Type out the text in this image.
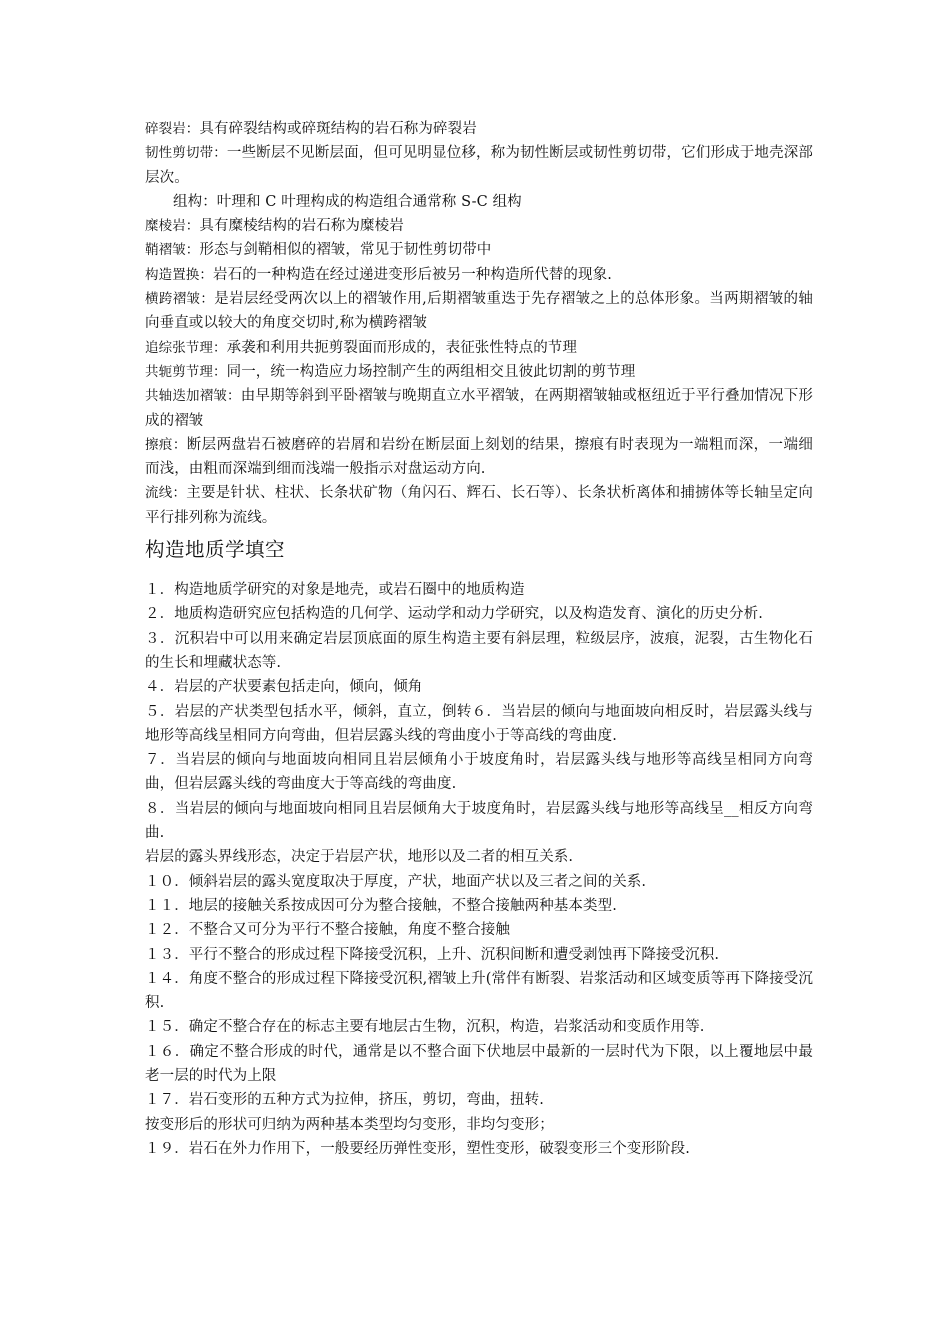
碎裂岩：具有碎裂结构或碎斑结构的岩石称为碎裂岩

韧性剪切带：一些断层不见断层面，但可见明显位移，称为韧性断层或韧性剪切带，它们形成于地壳深部层次。

组构：叶理和 C 叶理构成的构造组合通常称 S-C 组构

糜棱岩：具有糜棱结构的岩石称为糜棱岩

鞘褶皱：形态与剑鞘相似的褶皱，常见于韧性剪切带中

构造置换：岩石的一种构造在经过递进变形后被另一种构造所代替的现象.

横跨褶皱：是岩层经受两次以上的褶皱作用,后期褶皱重迭于先存褶皱之上的总体形象。当两期褶皱的轴向垂直或以较大的角度交切时,称为横跨褶皱

追综张节理：承袭和利用共扼剪裂面而形成的，表征张性特点的节理

共轭剪节理：同一，统一构造应力场控制产生的两组相交且彼此切割的剪节理

共轴迭加褶皱：由早期等斜到平卧褶皱与晚期直立水平褶皱，在两期褶皱轴或枢纽近于平行叠加情况下形成的褶皱

擦痕：断层两盘岩石被磨碎的岩屑和岩纷在断层面上刻划的结果，擦痕有时表现为一端粗而深，一端细而浅，由粗而深端到细而浅端一般指示对盘运动方向.

流线：主要是针状、柱状、长条状矿物（角闪石、辉石、长石等）、长条状析离体和捕掳体等长轴呈定向平行排列称为流线。

构造地质学填空

１．构造地质学研究的对象是地壳，或岩石圈中的地质构造

２．地质构造研究应包括构造的几何学、运动学和动力学研究，以及构造发育、演化的历史分析.

３．沉积岩中可以用来确定岩层顶底面的原生构造主要有斜层理，粒级层序，波痕，泥裂，古生物化石的生长和埋藏状态等.

４．岩层的产状要素包括走向，倾向，倾角

５．岩层的产状类型包括水平，倾斜，直立，倒转６．当岩层的倾向与地面坡向相反时，岩层露头线与地形等高线呈相同方向弯曲，但岩层露头线的弯曲度小于等高线的弯曲度.

７．当岩层的倾向与地面坡向相同且岩层倾角小于坡度角时，岩层露头线与地形等高线呈相同方向弯曲，但岩层露头线的弯曲度大于等高线的弯曲度.

８．当岩层的倾向与地面坡向相同且岩层倾角大于坡度角时，岩层露头线与地形等高线呈__相反方向弯曲.

岩层的露头界线形态，决定于岩层产状，地形以及二者的相互关系.

１０．倾斜岩层的露头宽度取决于厚度，产状，地面产状以及三者之间的关系.

１１．地层的接触关系按成因可分为整合接触，不整合接触两种基本类型.

１２．不整合又可分为平行不整合接触，角度不整合接触

１３．平行不整合的形成过程下降接受沉积，上升、沉积间断和遭受剥蚀再下降接受沉积.

１４．角度不整合的形成过程下降接受沉积,褶皱上升(常伴有断裂、岩浆活动和区域变质等再下降接受沉积.

１５．确定不整合存在的标志主要有地层古生物，沉积，构造，岩浆活动和变质作用等.

１６．确定不整合形成的时代，通常是以不整合面下伏地层中最新的一层时代为下限，以上覆地层中最老一层的时代为上限

１７．岩石变形的五种方式为拉伸，挤压，剪切，弯曲，扭转.

按变形后的形状可归纳为两种基本类型均匀变形，非均匀变形；

１９．岩石在外力作用下，一般要经历弹性变形，塑性变形，破裂变形三个变形阶段.
